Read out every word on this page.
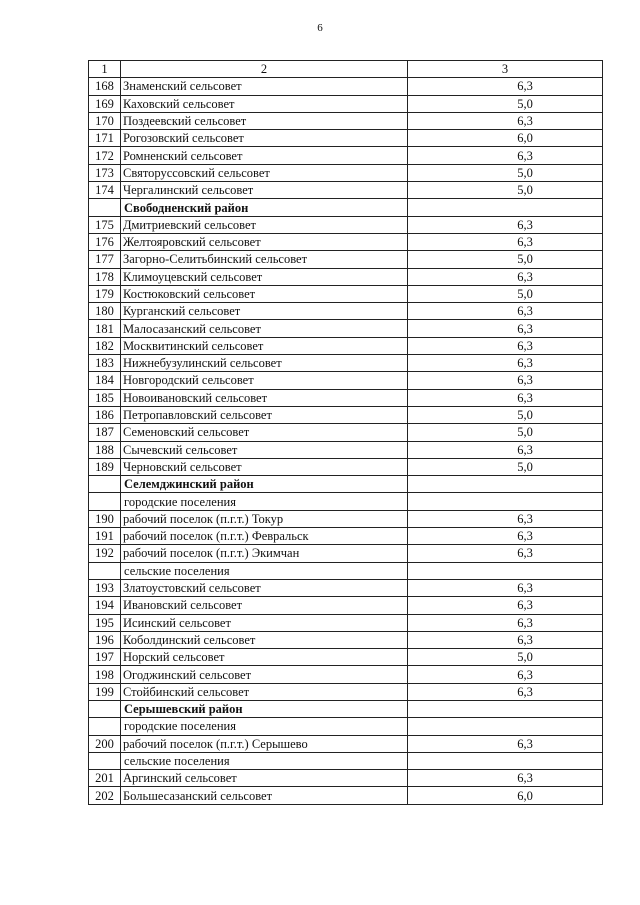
6
1	2	3
168	Знаменский сельсовет	6,3
169	Каховский сельсовет	5,0
170	Поздеевский сельсовет	6,3
171	Рогозовский сельсовет	6,0
172	Ромненский сельсовет	6,3
173	Святоруссовский сельсовет	5,0
174	Чергалинский сельсовет	5,0
	Свободненский район	
175	Дмитриевский сельсовет	6,3
176	Желтояровский сельсовет	6,3
177	Загорно-Селитьбинский сельсовет	5,0
178	Климоуцевский сельсовет	6,3
179	Костюковский сельсовет	5,0
180	Курганский сельсовет	6,3
181	Малосазанский сельсовет	6,3
182	Москвитинский сельсовет	6,3
183	Нижнебузулинский сельсовет	6,3
184	Новгородский сельсовет	6,3
185	Новоивановский сельсовет	6,3
186	Петропавловский сельсовет	5,0
187	Семеновский сельсовет	5,0
188	Сычевский сельсовет	6,3
189	Черновский сельсовет	5,0
	Селемджинский район	
	городские поселения	
190	рабочий поселок (п.г.т.) Токур	6,3
191	рабочий поселок (п.г.т.) Февральск	6,3
192	рабочий поселок (п.г.т.) Экимчан	6,3
	сельские поселения	
193	Златоустовский сельсовет	6,3
194	Ивановский сельсовет	6,3
195	Исинский сельсовет	6,3
196	Коболдинский сельсовет	6,3
197	Норский сельсовет	5,0
198	Огоджинский сельсовет	6,3
199	Стойбинский сельсовет	6,3
	Серышевский район	
	городские поселения	
200	рабочий поселок (п.г.т.) Серышево	6,3
	сельские поселения	
201	Аргинский сельсовет	6,3
202	Большесазанский сельсовет	6,0
